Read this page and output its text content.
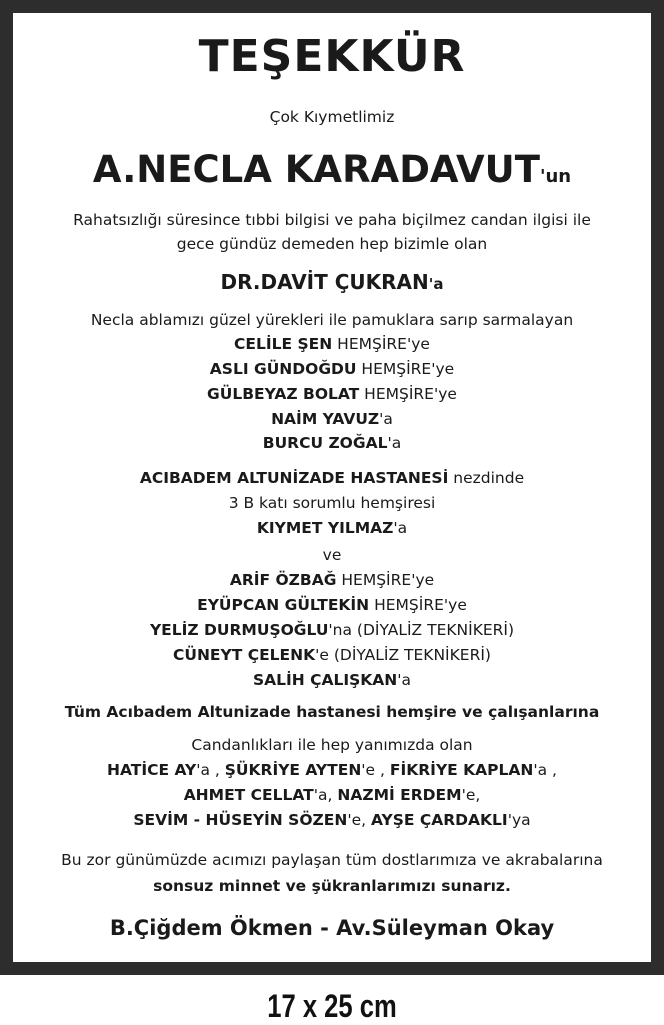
TEŞEKKÜR
Çok Kıymetlimiz
A.NECLA KARADAVUT'un
Rahatsızlığı süresince tıbbi bilgisi ve paha biçilmez candan ilgisi ile
gece gündüz demeden hep bizimle olan
DR.DAVİT ÇUKRAN'a
Necla ablamızı güzel yürekleri ile pamuklara sarıp sarmalayan
CELİLE ŞEN HEMŞİRE'ye
ASLI GÜNDOĞDU HEMŞİRE'ye
GÜLBEYAZ BOLAT HEMŞİRE'ye
NAİM YAVUZ'a
BURCU ZOĞAL'a
ACIBADEM ALTUNİZADE HASTANESİ nezdinde
3 B katı sorumlu hemşiresi
KIYMET YILMAZ'a
ve
ARİF ÖZBAĞ HEMŞİRE'ye
EYÜPCAN GÜLTEKİN HEMŞİRE'ye
YELİZ DURMUŞOĞLU'na (DİYALİZ TEKNİKERİ)
CÜNEYT ÇELENK'e (DİYALİZ TEKNİKERİ)
SALİH ÇALIŞKAN'a
Tüm Acıbadem Altunizade hastanesi hemşire ve çalışanlarına
Candanlıkları ile hep yanımızda olan
HATİCE AY'a , ŞÜKRİYE AYTEN'e , FİKRİYE KAPLAN'a ,
AHMET CELLAT'a, NAZMİ ERDEM'e,
SEVİM - HÜSEYİN SÖZEN'e, AYŞE ÇARDAKLI'ya
Bu zor günümüzde acımızı paylaşan tüm dostlarımıza ve akrabalarına
sonsuz minnet ve şükranlarımızı sunarız.
B.Çiğdem Ökmen - Av.Süleyman Okay
17 x 25 cm
